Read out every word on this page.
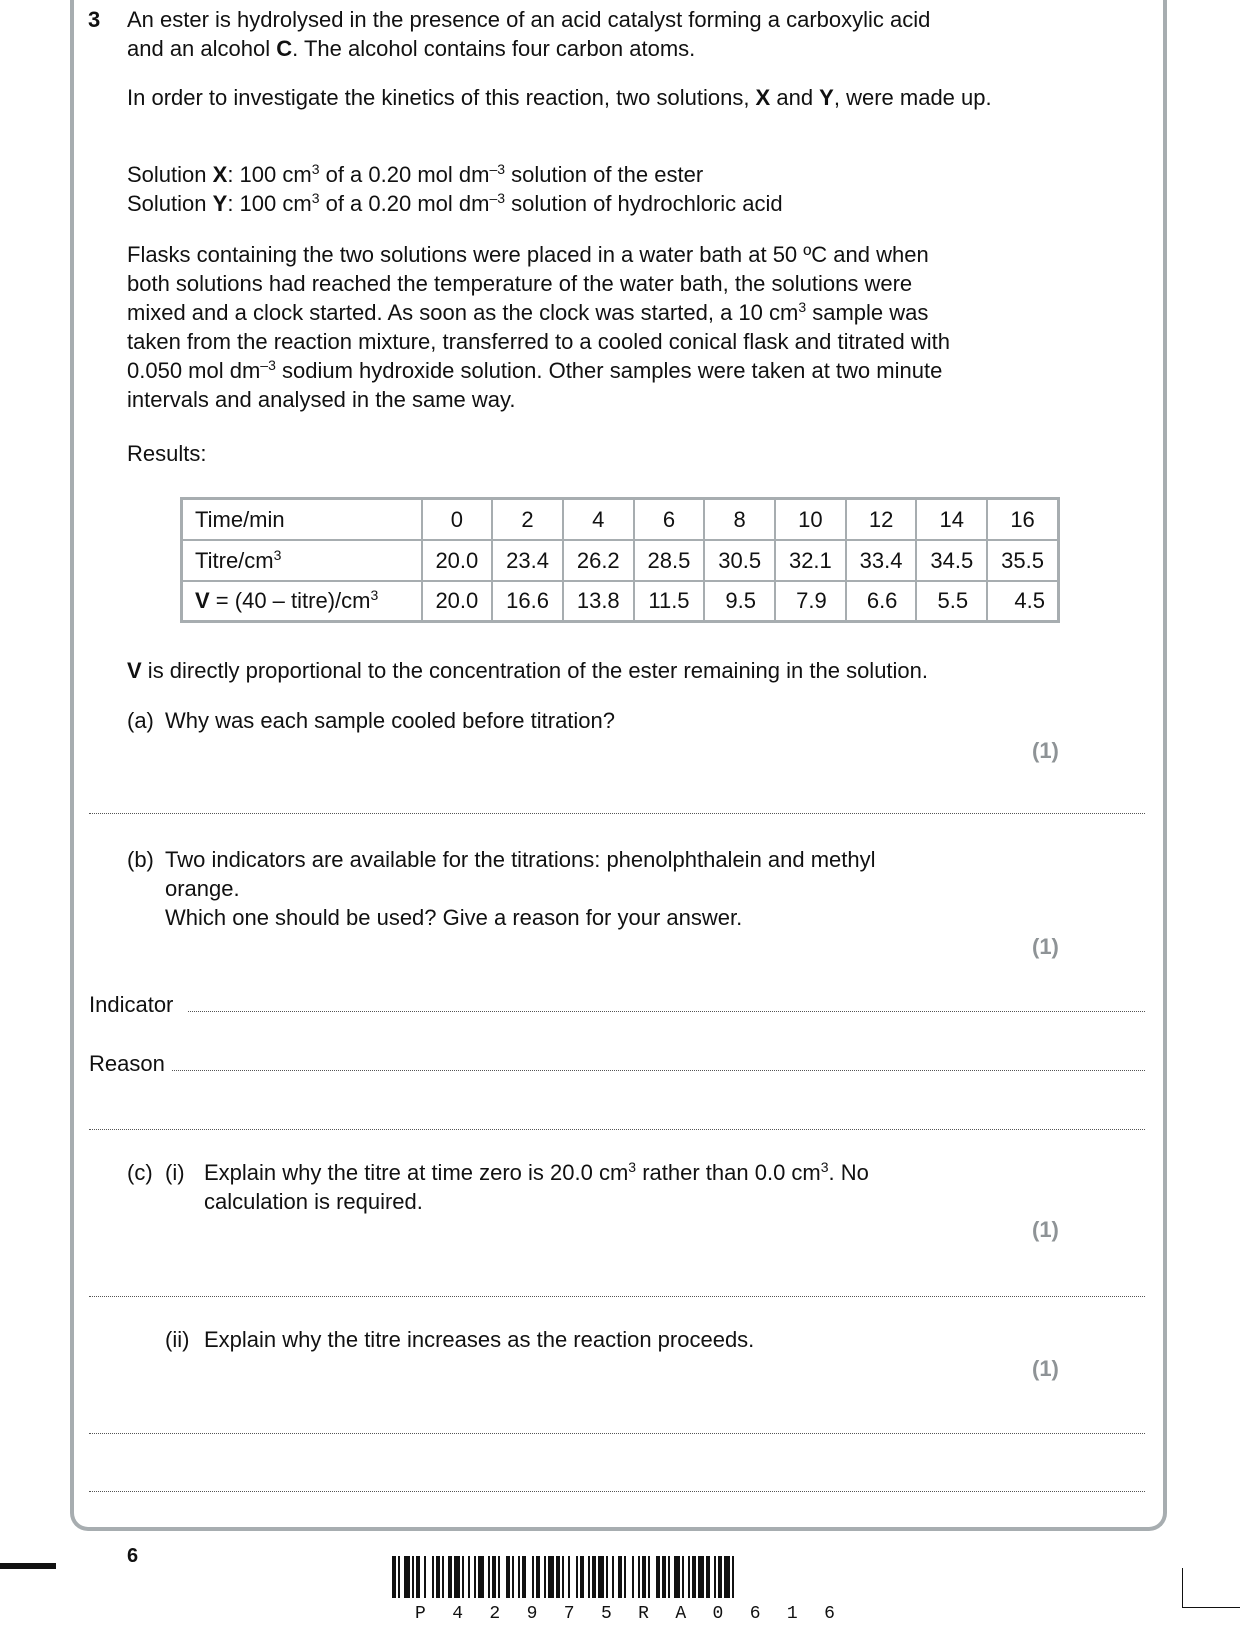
3 An ester is hydrolysed in the presence of an acid catalyst forming a carboxylic acid
and an alcohol C. The alcohol contains four carbon atoms.
In order to investigate the kinetics of this reaction, two solutions, X and Y, were made up.
Solution X: 100 $cm^3$ of a 0.20 mol $dm^{-3}$ solution of the ester
Solution Y: 100 $cm^3$ of a 0.20 mol $dm^{-3}$ solution of hydrochloric acid
Flasks containing the two solutions were placed in a water bath at 50 ºC and when
both solutions had reached the temperature of the water bath, the solutions were
mixed and a clock started. As soon as the clock was started, a 10 $cm^3$ sample was
taken from the reaction mixture, transferred to a cooled conical flask and titrated with
0.050 mol $dm^{-3}$ sodium hydroxide solution. Other samples were taken at two minute
intervals and analysed in the same way.
Results:
Time/min	0	2	4	6	8	10	12	14	16
Titre/$cm^3$	20.0	23.4	26.2	28.5	30.5	32.1	33.4	34.5	35.5
$V = (40 - titre)/cm^3$	20.0	16.6	13.8	11.5	9.5	7.9	6.6	5.5	4.5
V is directly proportional to the concentration of the ester remaining in the solution.
(a) Why was each sample cooled before titration?
(1)
(b) Two indicators are available for the titrations: phenolphthalein and methyl
orange.
Which one should be used? Give a reason for your answer.
(1)
Indicator
Reason
(c) (i) Explain why the titre at time zero is 20.0 $cm^3$ rather than 0.0 $cm^3$. No
calculation is required.
(1)
(ii) Explain why the titre increases as the reaction proceeds.
(1)
6
P 4 2 9 7 5 R A 0 6 1 6
